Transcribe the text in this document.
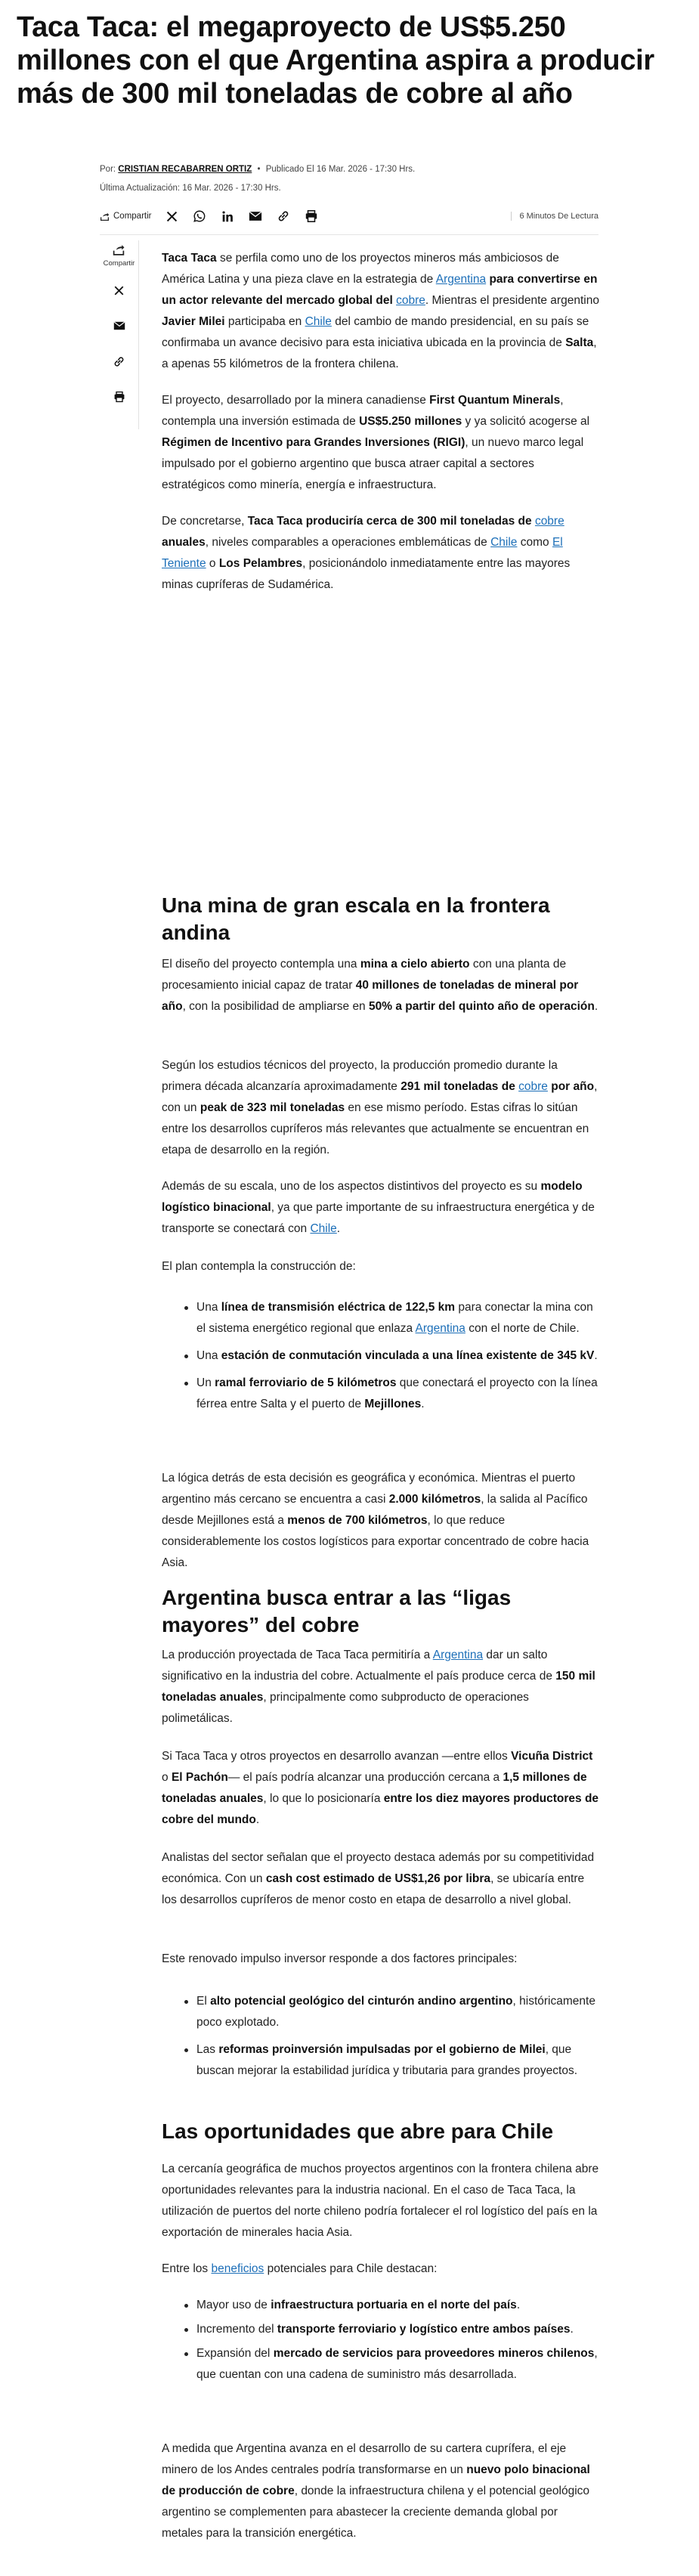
Taca Taca: el megaproyecto de US$5.250 millones con el que Argentina aspira a producir más de 300 mil toneladas de cobre al año
Por: CRISTIAN RECABARREN ORTIZ • Publicado El 16 Mar. 2026 - 17:30 Hrs.
Última Actualización: 16 Mar. 2026 - 17:30 Hrs.
Compartir	6 Minutos De Lectura
Compartir Taca Taca se perfila como uno de los proyectos mineros más ambiciosos de América Latina y una pieza clave en la estrategia de Argentina para convertirse en un actor relevante del mercado global del cobre. Mientras el presidente argentino Javier Milei participaba en Chile del cambio de mando presidencial, en su país se confirmaba un avance decisivo para esta iniciativa ubicada en la provincia de Salta, a apenas 55 kilómetros de la frontera chilena.

El proyecto, desarrollado por la minera canadiense First Quantum Minerals, contempla una inversión estimada de US$5.250 millones y ya solicitó acogerse al Régimen de Incentivo para Grandes Inversiones (RIGI), un nuevo marco legal impulsado por el gobierno argentino que busca atraer capital a sectores estratégicos como minería, energía e infraestructura.

De concretarse, Taca Taca produciría cerca de 300 mil toneladas de cobre anuales, niveles comparables a operaciones emblemáticas de Chile como El Teniente o Los Pelambres, posicionándolo inmediatamente entre las mayores minas cupríferas de Sudamérica.

Una mina de gran escala en la frontera andina

El diseño del proyecto contempla una mina a cielo abierto con una planta de procesamiento inicial capaz de tratar 40 millones de toneladas de mineral por año, con la posibilidad de ampliarse en 50% a partir del quinto año de operación.

Según los estudios técnicos del proyecto, la producción promedio durante la primera década alcanzaría aproximadamente 291 mil toneladas de cobre por año, con un peak de 323 mil toneladas en ese mismo período. Estas cifras lo sitúan entre los desarrollos cupríferos más relevantes que actualmente se encuentran en etapa de desarrollo en la región.

Además de su escala, uno de los aspectos distintivos del proyecto es su modelo logístico binacional, ya que parte importante de su infraestructura energética y de transporte se conectará con Chile.

El plan contempla la construcción de:

Una línea de transmisión eléctrica de 122,5 km para conectar la mina con el sistema energético regional que enlaza Argentina con el norte de Chile.
Una estación de conmutación vinculada a una línea existente de 345 kV.
Un ramal ferroviario de 5 kilómetros que conectará el proyecto con la línea férrea entre Salta y el puerto de Mejillones.

La lógica detrás de esta decisión es geográfica y económica. Mientras el puerto argentino más cercano se encuentra a casi 2.000 kilómetros, la salida al Pacífico desde Mejillones está a menos de 700 kilómetros, lo que reduce considerablemente los costos logísticos para exportar concentrado de cobre hacia Asia.

Argentina busca entrar a las “ligas mayores” del cobre

La producción proyectada de Taca Taca permitiría a Argentina dar un salto significativo en la industria del cobre. Actualmente el país produce cerca de 150 mil toneladas anuales, principalmente como subproducto de operaciones polimetálicas.

Si Taca Taca y otros proyectos en desarrollo avanzan —entre ellos Vicuña District o El Pachón— el país podría alcanzar una producción cercana a 1,5 millones de toneladas anuales, lo que lo posicionaría entre los diez mayores productores de cobre del mundo.

Analistas del sector señalan que el proyecto destaca además por su competitividad económica. Con un cash cost estimado de US$1,26 por libra, se ubicaría entre los desarrollos cupríferos de menor costo en etapa de desarrollo a nivel global.

Este renovado impulso inversor responde a dos factores principales:

El alto potencial geológico del cinturón andino argentino, históricamente poco explotado.
Las reformas proinversión impulsadas por el gobierno de Milei, que buscan mejorar la estabilidad jurídica y tributaria para grandes proyectos.
Las oportunidades que abre para Chile

La cercanía geográfica de muchos proyectos argentinos con la frontera chilena abre oportunidades relevantes para la industria nacional. En el caso de Taca Taca, la utilización de puertos del norte chileno podría fortalecer el rol logístico del país en la exportación de minerales hacia Asia.

Entre los beneficios potenciales para Chile destacan:

Mayor uso de infraestructura portuaria en el norte del país.
Incremento del transporte ferroviario y logístico entre ambos países.
Expansión del mercado de servicios para proveedores mineros chilenos, que cuentan con una cadena de suministro más desarrollada.

A medida que Argentina avanza en el desarrollo de su cartera cuprífera, el eje minero de los Andes centrales podría transformarse en un nuevo polo binacional de producción de cobre, donde la infraestructura chilena y el potencial geológico argentino se complementen para abastecer la creciente demanda global por metales para la transición energética.
